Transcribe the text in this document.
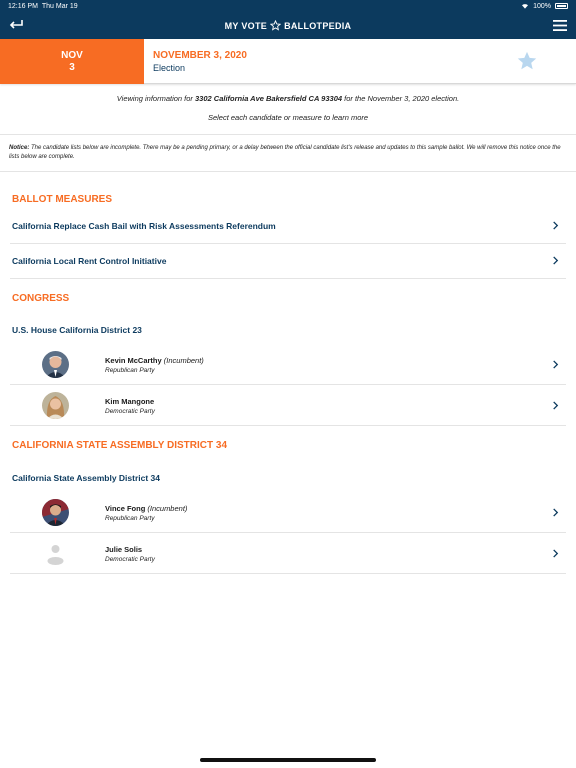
12:16 PM Thu Mar 19	100%
MY VOTE BALLOTPEDIA
NOV
3
NOVEMBER 3, 2020
Election
Viewing information for 3302 California Ave Bakersfield CA 93304 for the November 3, 2020 election.
Select each candidate or measure to learn more
Notice: The candidate lists below are incomplete. There may be a pending primary, or a delay between the official candidate list's release and updates to this sample ballot. We will remove this notice once the lists below are complete.
BALLOT MEASURES
California Replace Cash Bail with Risk Assessments Referendum
California Local Rent Control Initiative
CONGRESS
U.S. House California District 23
Kevin McCarthy (Incumbent)
Republican Party
Kim Mangone
Democratic Party
CALIFORNIA STATE ASSEMBLY DISTRICT 34
California State Assembly District 34
Vince Fong (Incumbent)
Republican Party
Julie Solis
Democratic Party
